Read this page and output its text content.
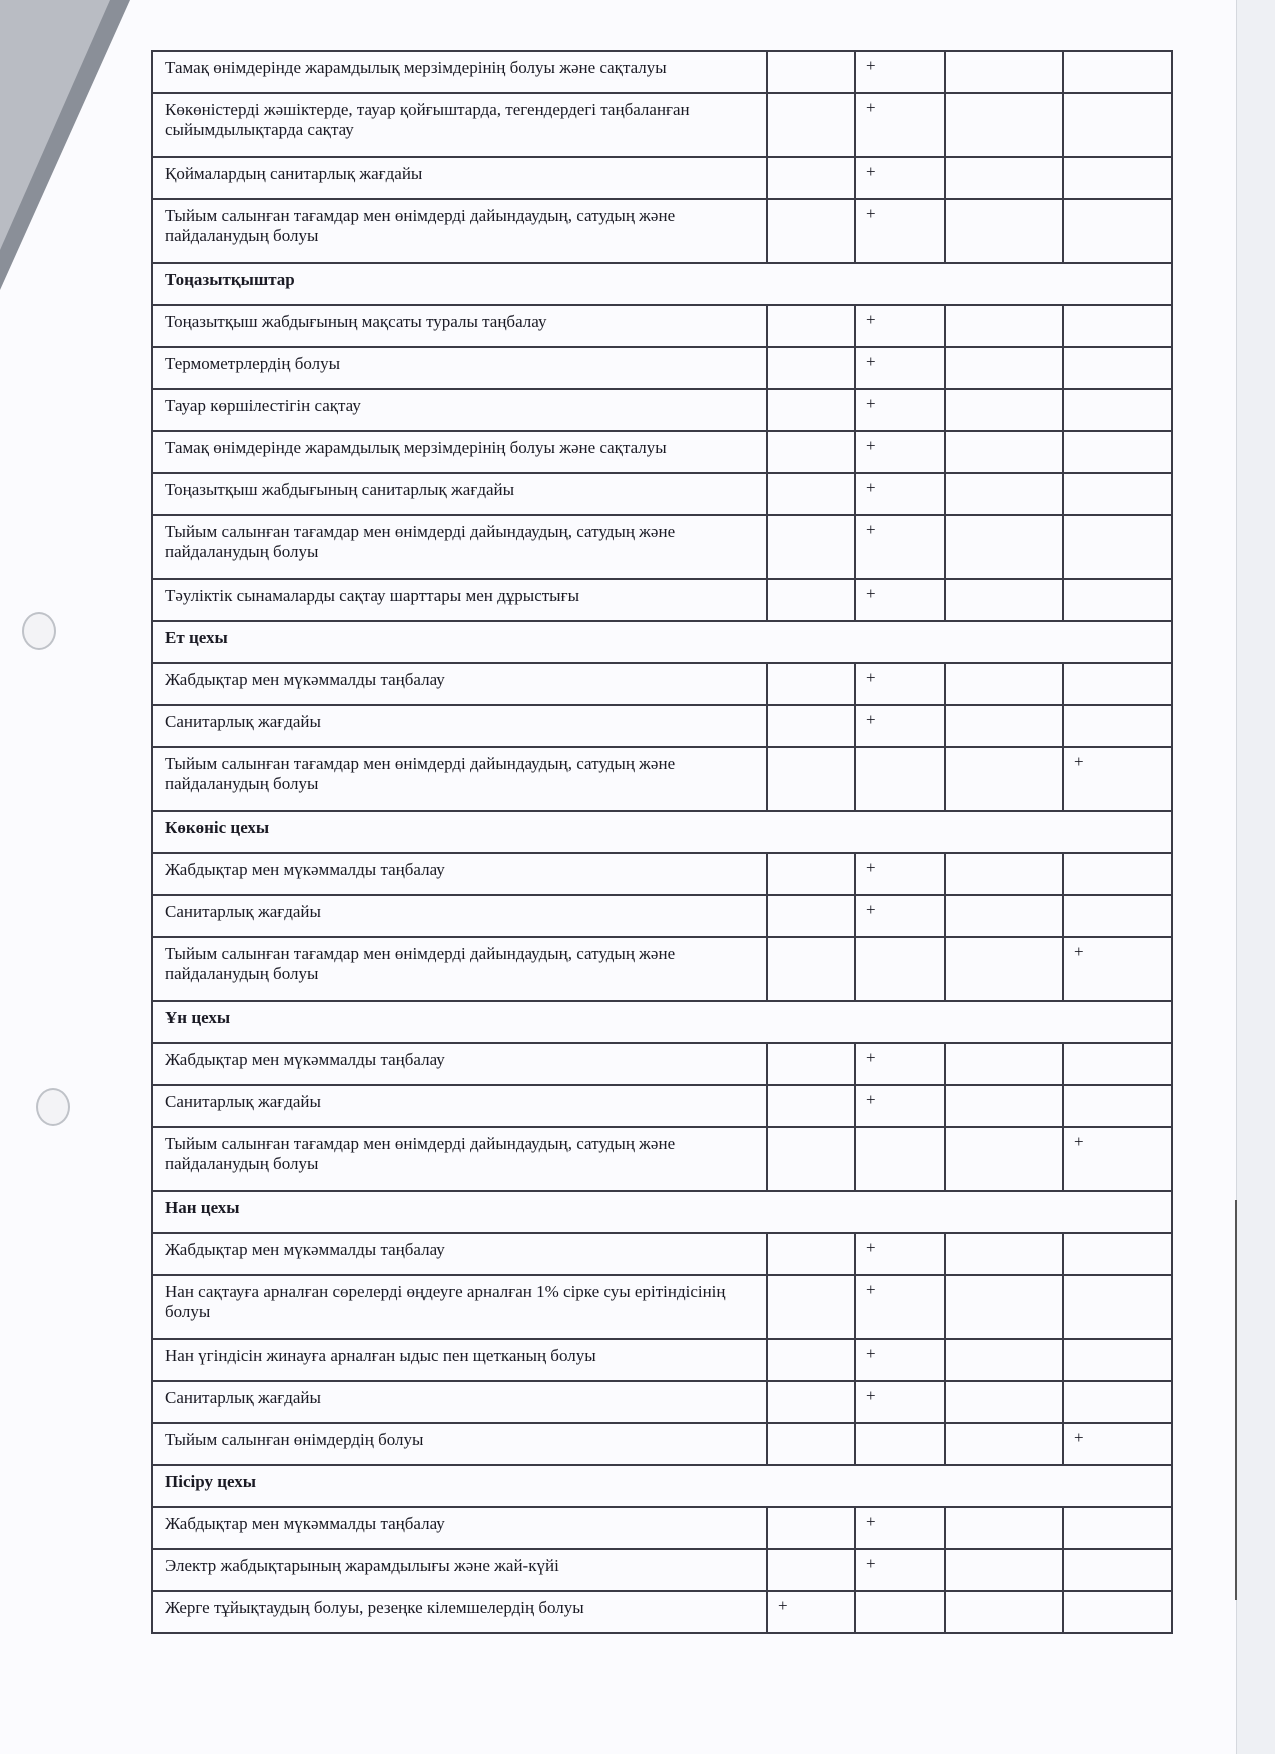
Тамақ өнімдерінде жарамдылық мерзімдерінің болуы және сақталуы		+		
Көкөністерді жәшіктерде, тауар қойғыштарда, тегендердегі таңбаланған сыйымдылықтарда сақтау		+		
Қоймалардың санитарлық жағдайы		+		
Тыйым салынған тағамдар мен өнімдерді дайындаудың, сатудың және пайдаланудың болуы		+		
Тоңазытқыштар				
Тоңазытқыш жабдығының мақсаты туралы таңбалау		+		
Термометрлердің болуы		+		
Тауар көршілестігін сақтау		+		
Тамақ өнімдерінде жарамдылық мерзімдерінің болуы және сақталуы		+		
Тоңазытқыш жабдығының санитарлық жағдайы		+		
Тыйым салынған тағамдар мен өнімдерді дайындаудың, сатудың және пайдаланудың болуы		+		
Тәуліктік сынамаларды сақтау шарттары мен дұрыстығы		+		
Ет цехы				
Жабдықтар мен мүкәммалды таңбалау		+		
Санитарлық жағдайы		+		
Тыйым салынған тағамдар мен өнімдерді дайындаудың, сатудың және пайдаланудың болуы				+
Көкөніс цехы				
Жабдықтар мен мүкәммалды таңбалау		+		
Санитарлық жағдайы		+		
Тыйым салынған тағамдар мен өнімдерді дайындаудың, сатудың және пайдаланудың болуы				+
Ұн цехы				
Жабдықтар мен мүкәммалды таңбалау		+		
Санитарлық жағдайы		+		
Тыйым салынған тағамдар мен өнімдерді дайындаудың, сатудың және пайдаланудың болуы				+
Нан цехы				
Жабдықтар мен мүкәммалды таңбалау		+		
Нан сақтауға арналған сөрелерді өңдеуге арналған 1% сірке суы ерітіндісінің болуы		+		
Нан үгіндісін жинауға арналған ыдыс пен щетканың болуы		+		
Санитарлық жағдайы		+		
Тыйым салынған өнімдердің болуы				+
Пісіру цехы				
Жабдықтар мен мүкәммалды таңбалау		+		
Электр жабдықтарының жарамдылығы және жай-күйі		+		
Жерге тұйықтаудың болуы, резеңке кілемшелердің болуы	+			
